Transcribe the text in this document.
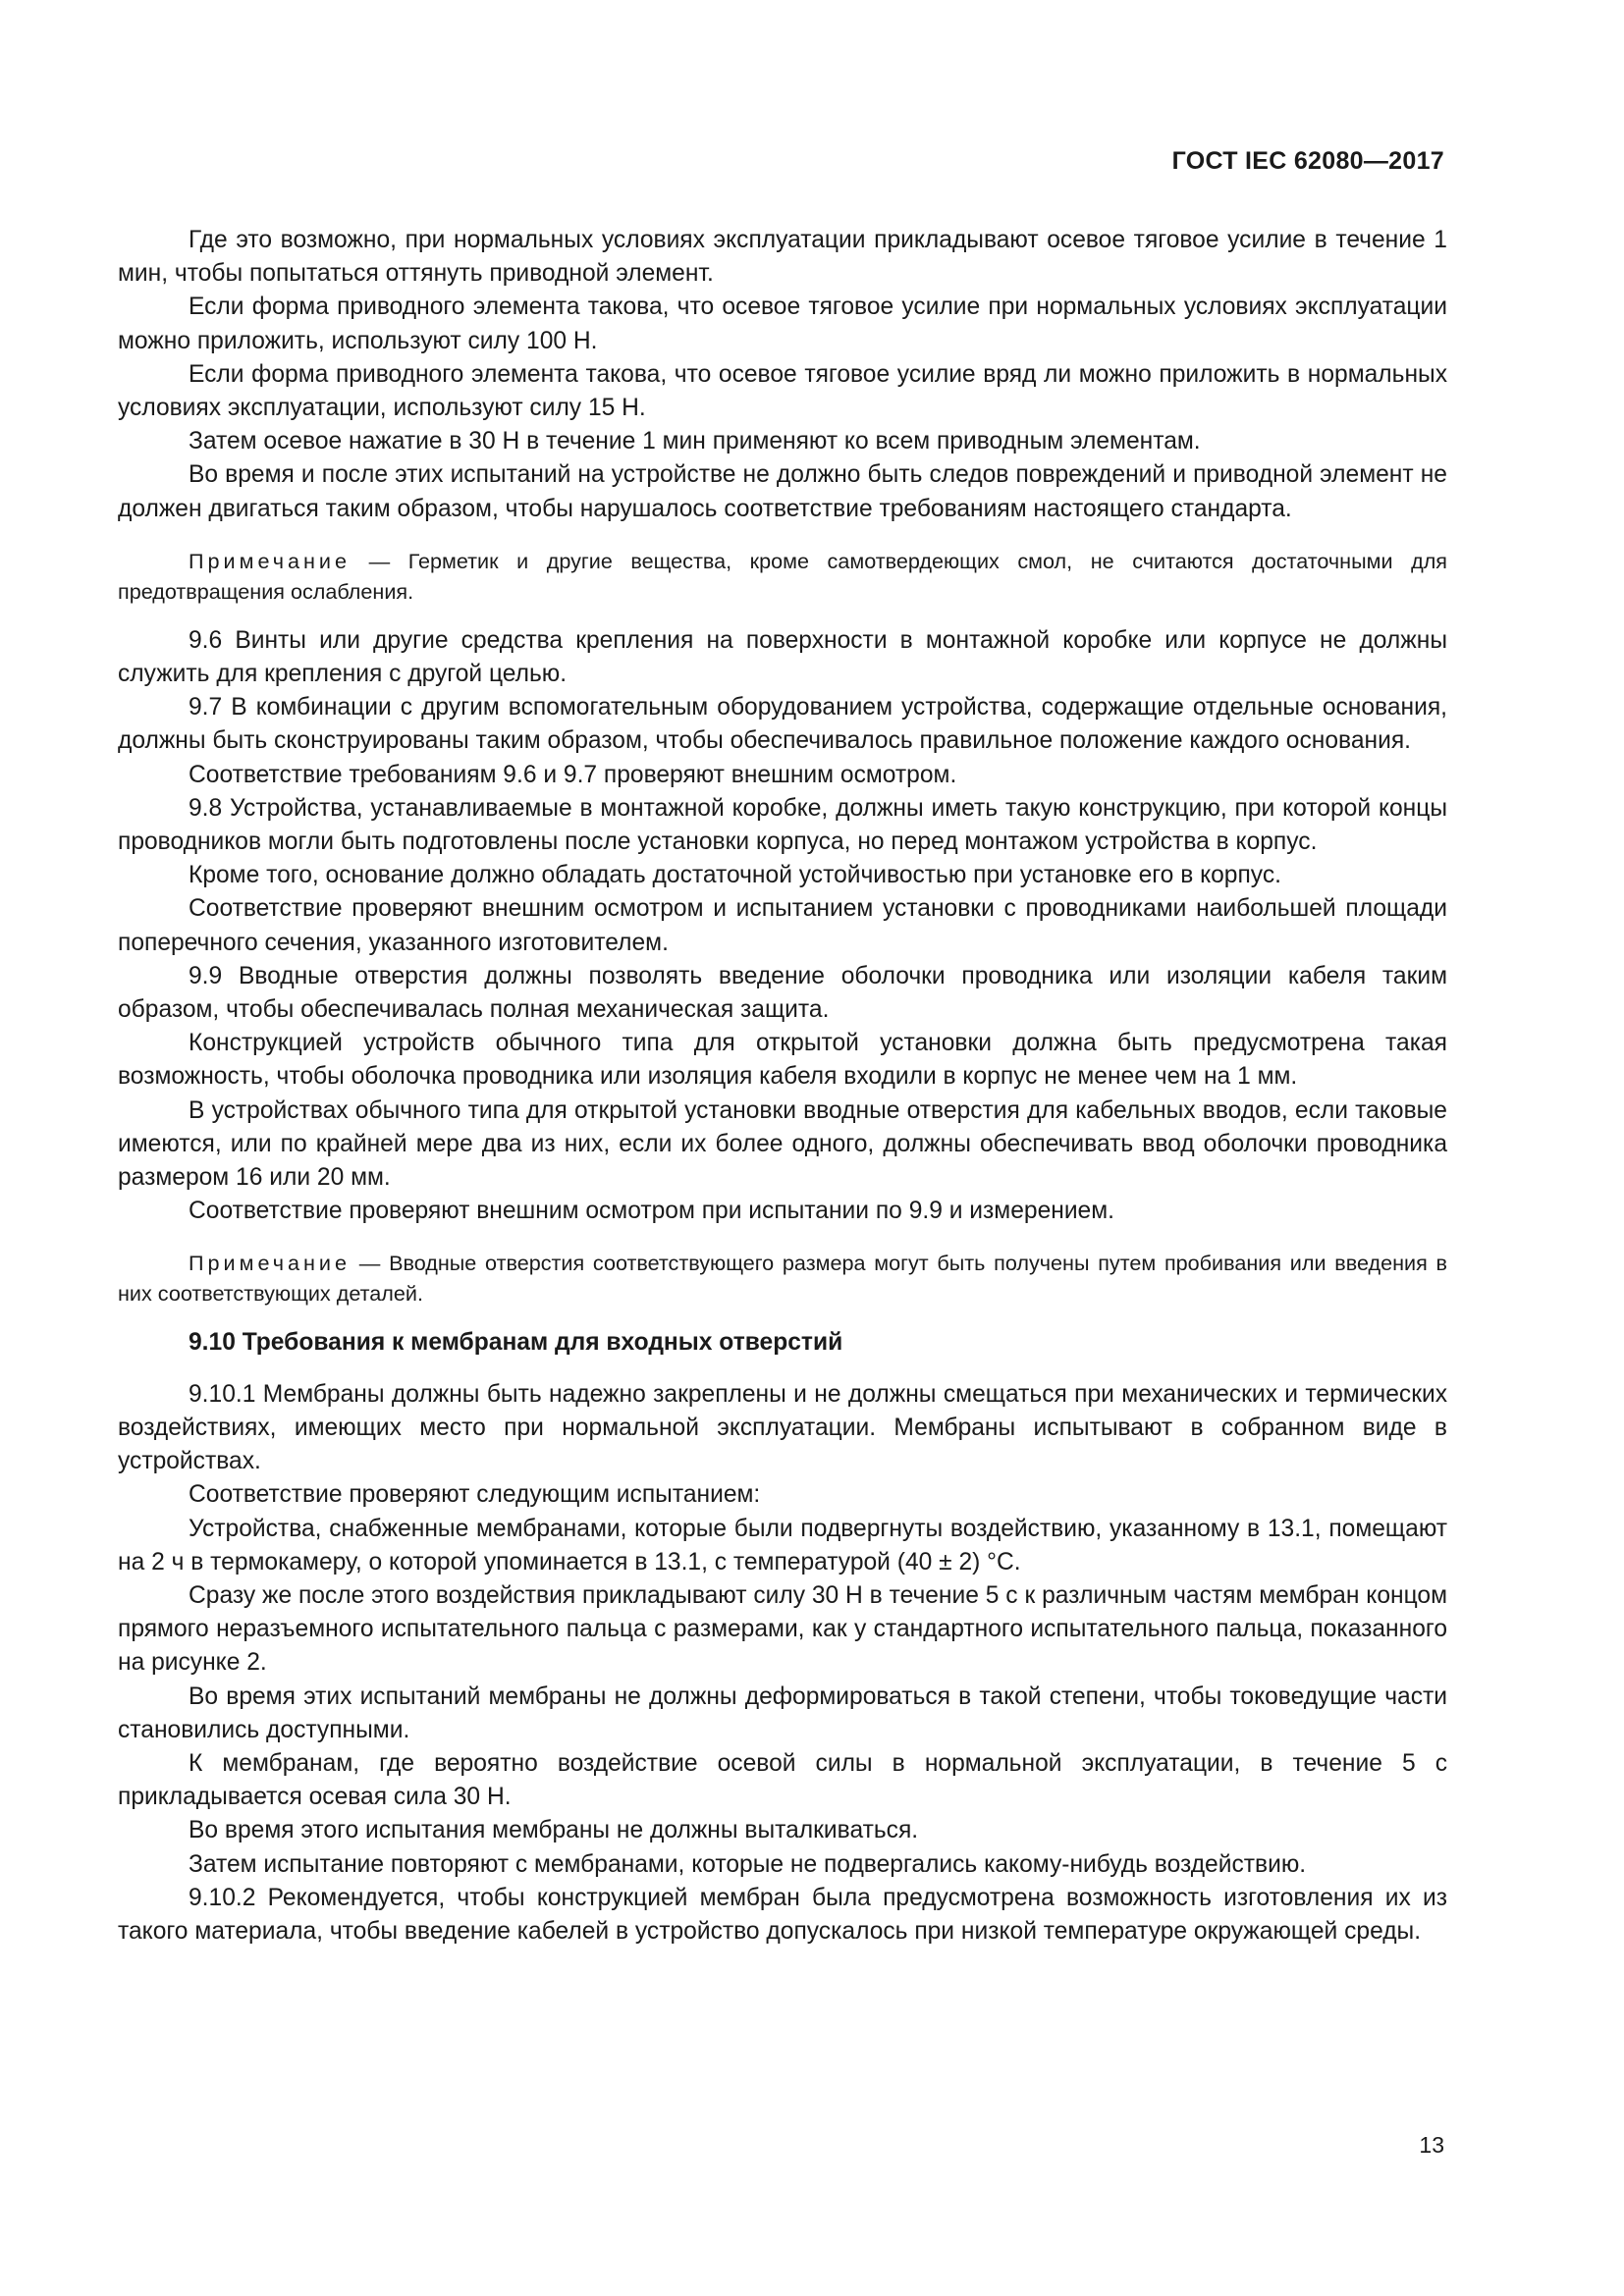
ГОСТ IEC 62080—2017

Где это возможно, при нормальных условиях эксплуатации прикладывают осевое тяговое усилие в течение 1 мин, чтобы попытаться оттянуть приводной элемент.

Если форма приводного элемента такова, что осевое тяговое усилие при нормальных условиях эксплуатации можно приложить, используют силу 100 Н.

Если форма приводного элемента такова, что осевое тяговое усилие вряд ли можно приложить в нормальных условиях эксплуатации, используют силу 15 Н.

Затем осевое нажатие в 30 Н в течение 1 мин применяют ко всем приводным элементам.

Во время и после этих испытаний на устройстве не должно быть следов повреждений и приводной элемент не должен двигаться таким образом, чтобы нарушалось соответствие требованиям настоящего стандарта.

Примечание — Герметик и другие вещества, кроме самотвердеющих смол, не считаются достаточными для предотвращения ослабления.

9.6 Винты или другие средства крепления на поверхности в монтажной коробке или корпусе не должны служить для крепления с другой целью.

9.7 В комбинации с другим вспомогательным оборудованием устройства, содержащие отдельные основания, должны быть сконструированы таким образом, чтобы обеспечивалось правильное положение каждого основания.

Соответствие требованиям 9.6 и 9.7 проверяют внешним осмотром.

9.8 Устройства, устанавливаемые в монтажной коробке, должны иметь такую конструкцию, при которой концы проводников могли быть подготовлены после установки корпуса, но перед монтажом устройства в корпус.

Кроме того, основание должно обладать достаточной устойчивостью при установке его в корпус.

Соответствие проверяют внешним осмотром и испытанием установки с проводниками наибольшей площади поперечного сечения, указанного изготовителем.

9.9 Вводные отверстия должны позволять введение оболочки проводника или изоляции кабеля таким образом, чтобы обеспечивалась полная механическая защита.

Конструкцией устройств обычного типа для открытой установки должна быть предусмотрена такая возможность, чтобы оболочка проводника или изоляция кабеля входили в корпус не менее чем на 1 мм.

В устройствах обычного типа для открытой установки вводные отверстия для кабельных вводов, если таковые имеются, или по крайней мере два из них, если их более одного, должны обеспечивать ввод оболочки проводника размером 16 или 20 мм.

Соответствие проверяют внешним осмотром при испытании по 9.9 и измерением.

Примечание — Вводные отверстия соответствующего размера могут быть получены путем пробивания или введения в них соответствующих деталей.

9.10 Требования к мембранам для входных отверстий

9.10.1 Мембраны должны быть надежно закреплены и не должны смещаться при механических и термических воздействиях, имеющих место при нормальной эксплуатации. Мембраны испытывают в собранном виде в устройствах.

Соответствие проверяют следующим испытанием:

Устройства, снабженные мембранами, которые были подвергнуты воздействию, указанному в 13.1, помещают на 2 ч в термокамеру, о которой упоминается в 13.1, с температурой (40 ± 2) °С.

Сразу же после этого воздействия прикладывают силу 30 Н в течение 5 с к различным частям мембран концом прямого неразъемного испытательного пальца с размерами, как у стандартного испытательного пальца, показанного на рисунке 2.

Во время этих испытаний мембраны не должны деформироваться в такой степени, чтобы токоведущие части становились доступными.

К мембранам, где вероятно воздействие осевой силы в нормальной эксплуатации, в течение 5 с прикладывается осевая сила 30 Н.

Во время этого испытания мембраны не должны выталкиваться.

Затем испытание повторяют с мембранами, которые не подвергались какому-нибудь воздействию.

9.10.2 Рекомендуется, чтобы конструкцией мембран была предусмотрена возможность изготовления их из такого материала, чтобы введение кабелей в устройство допускалось при низкой температуре окружающей среды.

13
